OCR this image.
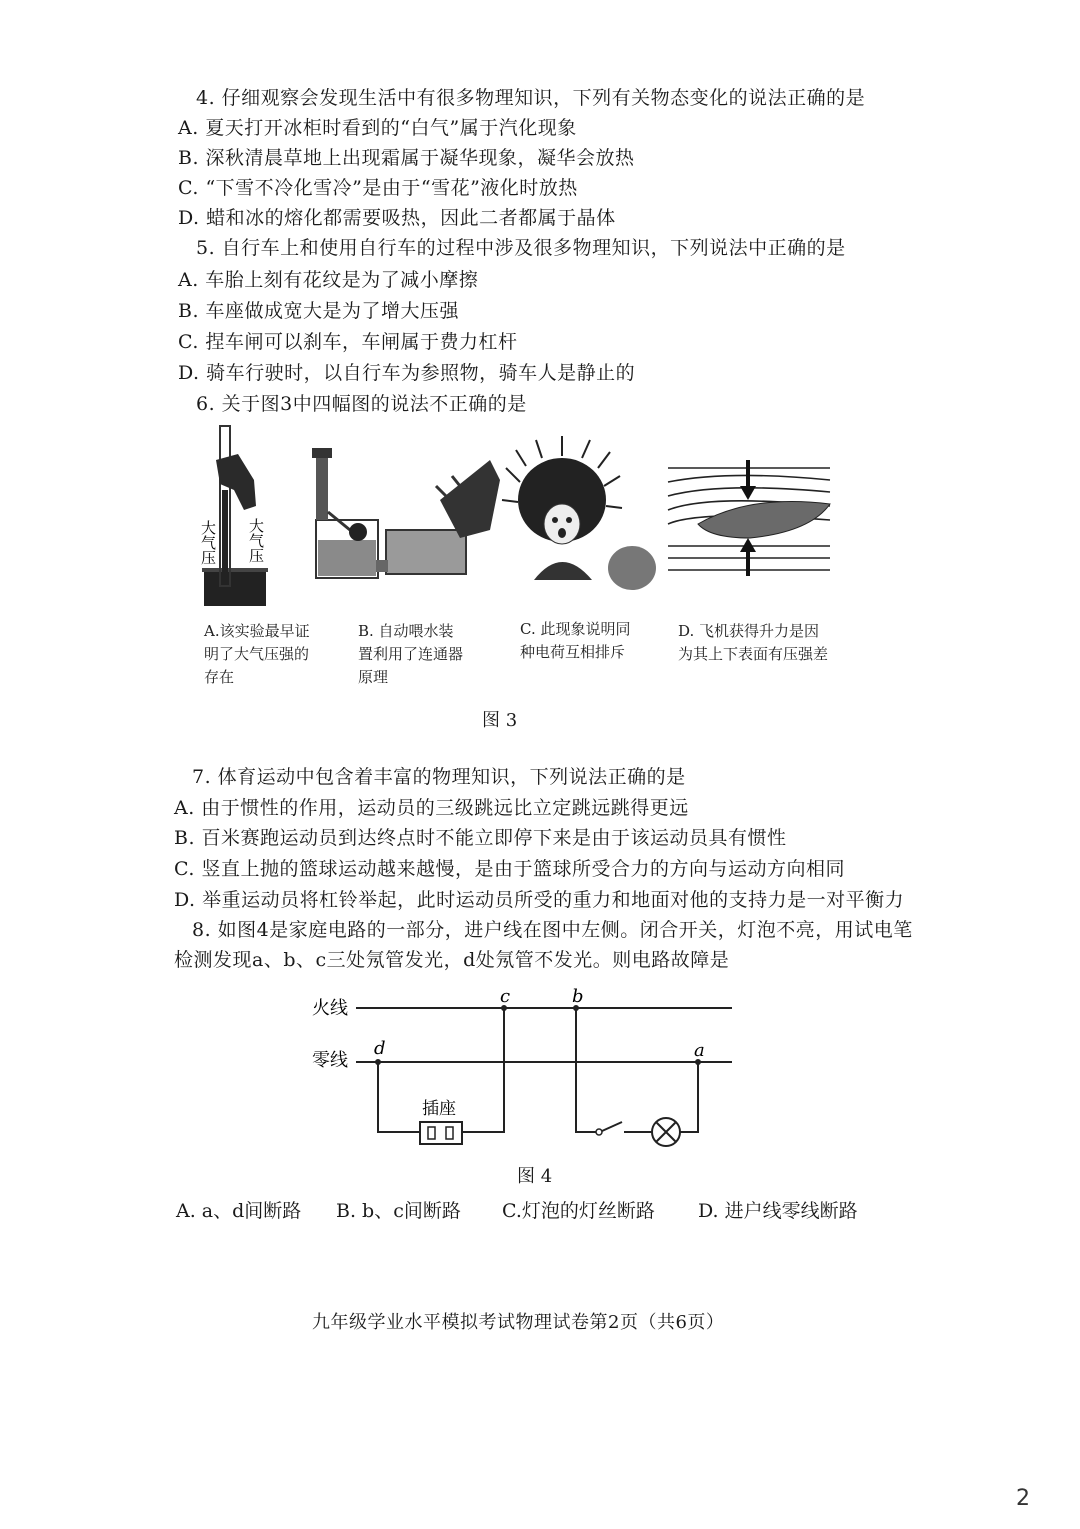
4. 仔细观察会发现生活中有很多物理知识，下列有关物态变化的说法正确的是
A. 夏天打开冰柜时看到的“白气”属于汽化现象
B. 深秋清晨草地上出现霜属于凝华现象，凝华会放热
C. “下雪不冷化雪冷”是由于“雪花”液化时放热
D. 蜡和冰的熔化都需要吸热，因此二者都属于晶体
5. 自行车上和使用自行车的过程中涉及很多物理知识，下列说法中正确的是
A. 车胎上刻有花纹是为了减小摩擦
B. 车座做成宽大是为了增大压强
C. 捏车闸可以刹车，车闸属于费力杠杆
D. 骑车行驶时，以自行车为参照物，骑车人是静止的
6. 关于图3中四幅图的说法不正确的是
大气压 大气压
A.该实验最早证
明了大气压强的
存在
B. 自动喂水装
置利用了连通器
原理
C. 此现象说明同
种电荷互相排斥
D. 飞机获得升力是因
为其上下表面有压强差
图 3
7. 体育运动中包含着丰富的物理知识，下列说法正确的是
A. 由于惯性的作用，运动员的三级跳远比立定跳远跳得更远
B. 百米赛跑运动员到达终点时不能立即停下来是由于该运动员具有惯性
C. 竖直上抛的篮球运动越来越慢，是由于篮球所受合力的方向与运动方向相同
D. 举重运动员将杠铃举起，此时运动员所受的重力和地面对他的支持力是一对平衡力
8. 如图4是家庭电路的一部分，进户线在图中左侧。闭合开关，灯泡不亮，用试电笔
检测发现a、b、c三处氖管发光，d处氖管不发光。则电路故障是
火线
零线
插座
c	b
d	a
图 4
A. a、d间断路 B. b、c间断路 C.灯泡的灯丝断路 D. 进户线零线断路
九年级学业水平模拟考试物理试卷第2页（共6页）
2
